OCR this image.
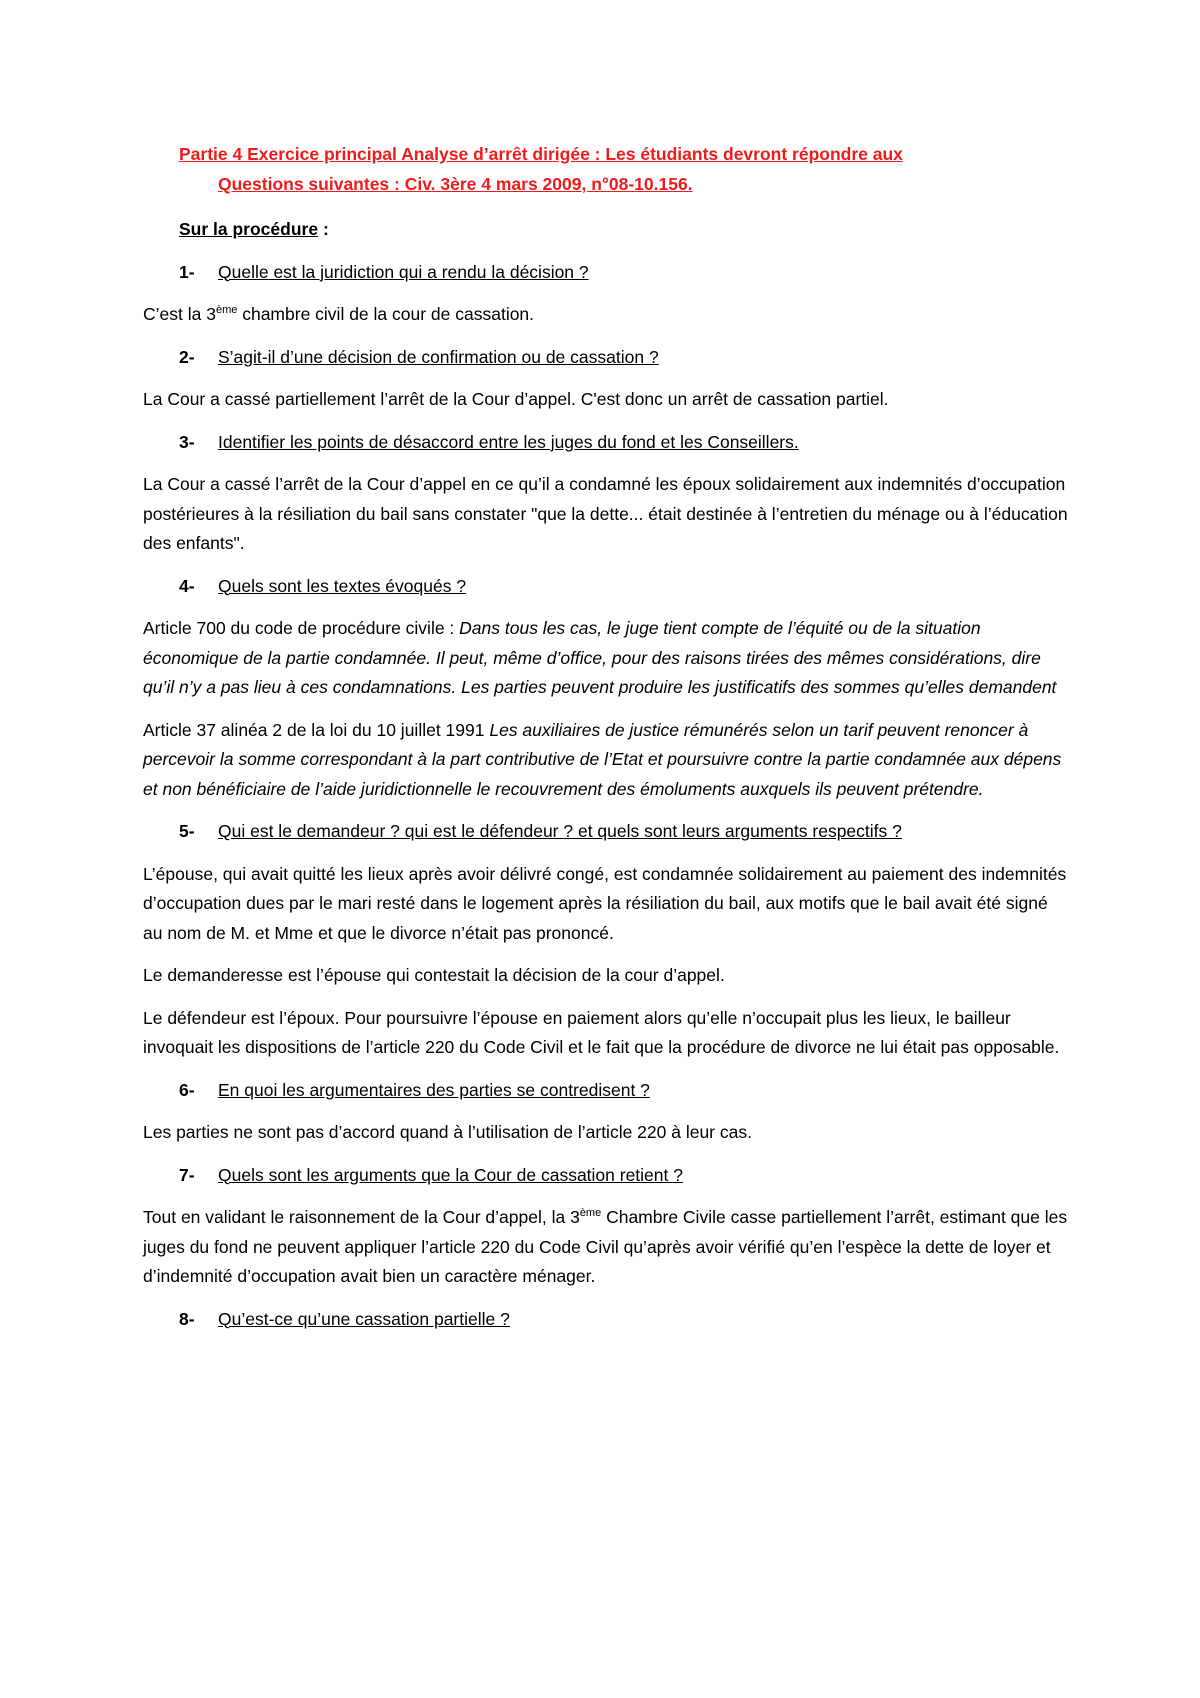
Partie 4 Exercice principal Analyse d’arrêt dirigée : Les étudiants devront répondre aux
Questions suivantes : Civ. 3ère 4 mars 2009, n°08-10.156.
Sur la procédure :
1-	Quelle est la juridiction qui a rendu la décision ?
C’est la 3ème chambre civil de la cour de cassation.
2-	S’agit-il d’une décision de confirmation ou de cassation ?
La Cour a cassé partiellement l’arrêt de la Cour d’appel. C'est donc un arrêt de cassation partiel.
3-	Identifier les points de désaccord entre les juges du fond et les Conseillers.
La Cour a cassé l’arrêt de la Cour d’appel en ce qu’il a condamné les époux solidairement aux indemnités d’occupation postérieures à la résiliation du bail sans constater "que la dette... était destinée à l’entretien du ménage ou à l’éducation des enfants".
4-	Quels sont les textes évoqués ?
Article 700 du code de procédure civile : Dans tous les cas, le juge tient compte de l’équité ou de la situation économique de la partie condamnée. Il peut, même d’office, pour des raisons tirées des mêmes considérations, dire qu’il n’y a pas lieu à ces condamnations. Les parties peuvent produire les justificatifs des sommes qu’elles demandent
Article 37 alinéa 2 de la loi du 10 juillet 1991 Les auxiliaires de justice rémunérés selon un tarif peuvent renoncer à percevoir la somme correspondant à la part contributive de l’Etat et poursuivre contre la partie condamnée aux dépens et non bénéficiaire de l’aide juridictionnelle le recouvrement des émoluments auxquels ils peuvent prétendre.
5-	Qui est le demandeur ? qui est le défendeur ? et quels sont leurs arguments respectifs ?
L’épouse, qui avait quitté les lieux après avoir délivré congé, est condamnée solidairement au paiement des indemnités d’occupation dues par le mari resté dans le logement après la résiliation du bail, aux motifs que le bail avait été signé au nom de M. et Mme et que le divorce n’était pas prononcé.
Le demanderesse est l’épouse qui contestait la décision de la cour d’appel.
Le défendeur est l’époux. Pour poursuivre l’épouse en paiement alors qu’elle n’occupait plus les lieux, le bailleur invoquait les dispositions de l’article 220 du Code Civil et le fait que la procédure de divorce ne lui était pas opposable.
6-	En quoi les argumentaires des parties se contredisent ?
Les parties ne sont pas d’accord quand à l’utilisation de l’article 220 à leur cas.
7-	Quels sont les arguments que la Cour de cassation retient ?
Tout en validant le raisonnement de la Cour d’appel, la 3ème Chambre Civile casse partiellement l’arrêt, estimant que les juges du fond ne peuvent appliquer l’article 220 du Code Civil qu’après avoir vérifié qu’en l’espèce la dette de loyer et d’indemnité d’occupation avait bien un caractère ménager.
8-	Qu’est-ce qu’une cassation partielle ?
